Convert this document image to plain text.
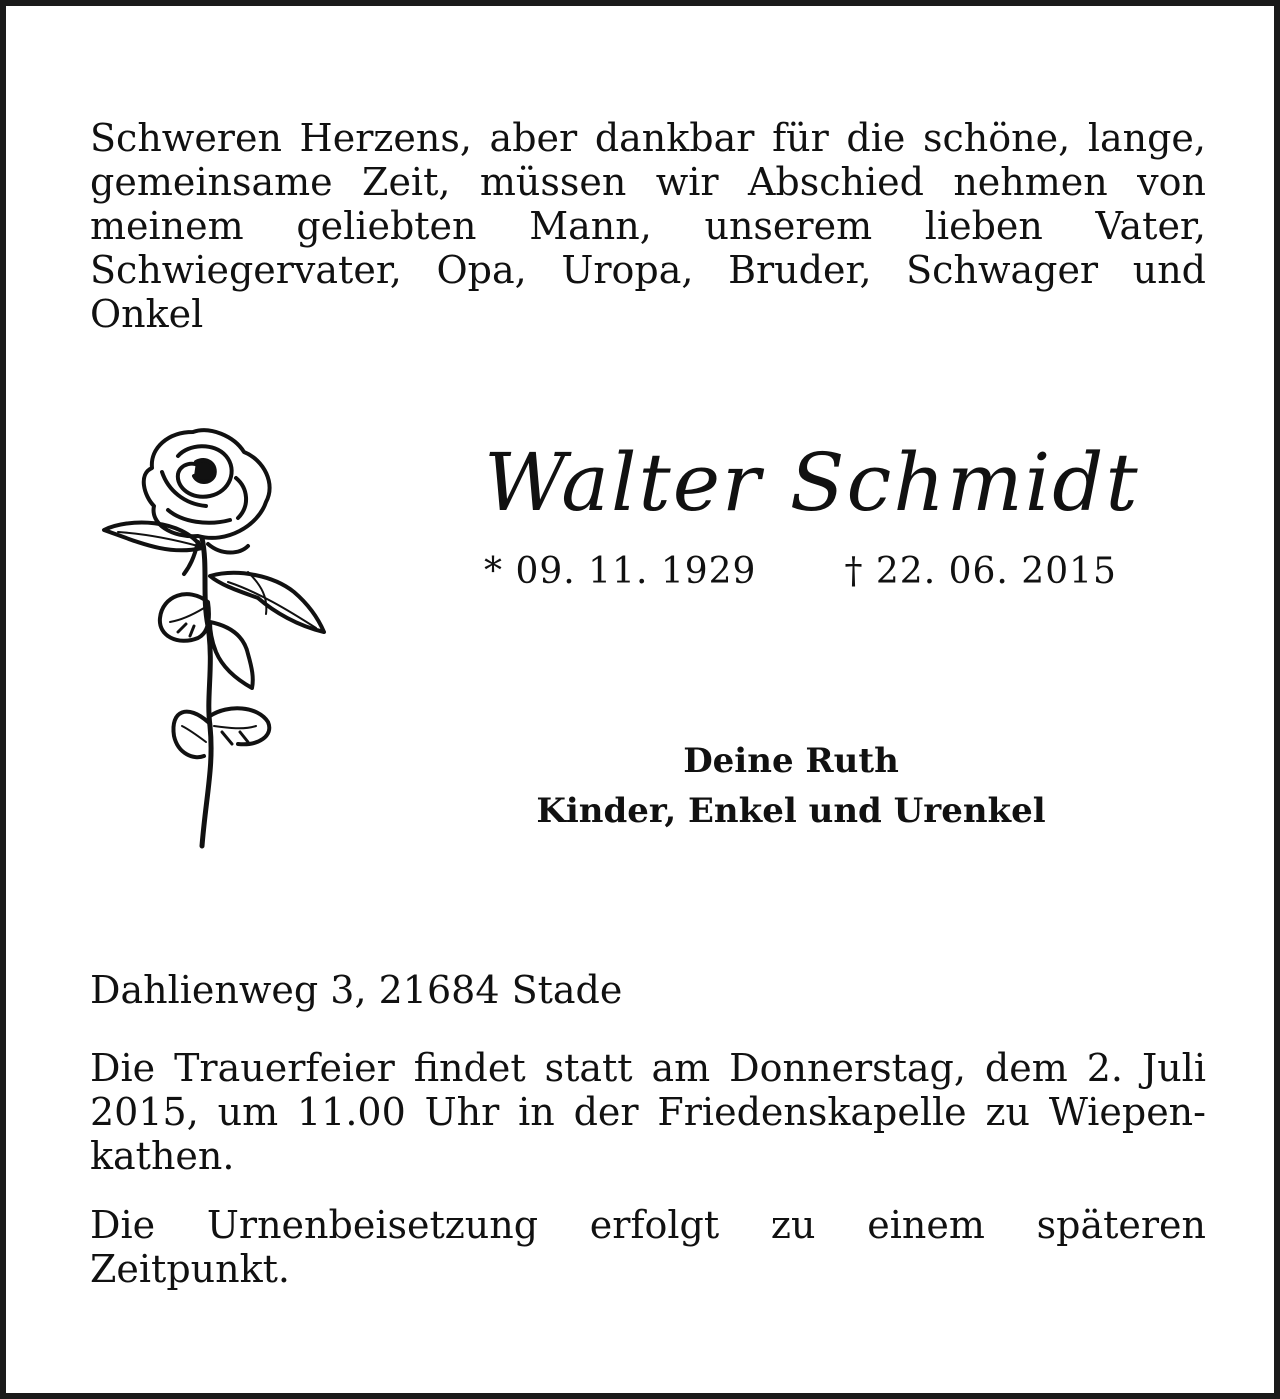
Schweren Herzens, aber dankbar für die schöne, lange, gemeinsame Zeit, müssen wir Abschied nehmen von meinem geliebten Mann, unserem lieben Vater, Schwiegervater, Opa, Uropa, Bruder, Schwager und Onkel
Walter Schmidt
* 09. 11. 1929 † 22. 06. 2015
Deine Ruth
Kinder, Enkel und Urenkel
Dahlienweg 3, 21684 Stade
Die Trauerfeier findet statt am Donnerstag, dem 2. Juli 2015, um 11.00 Uhr in der Friedenskapelle zu Wiepen-kathen.
Die Urnenbeisetzung erfolgt zu einem späteren Zeitpunkt.
